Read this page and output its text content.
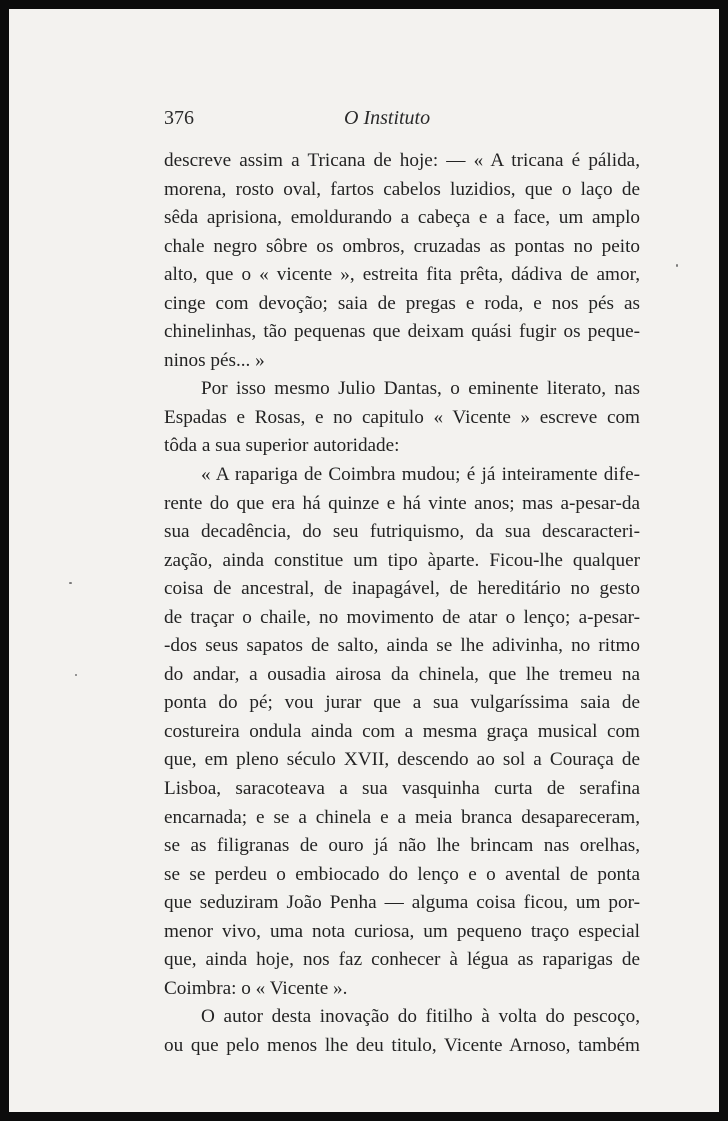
376	O Instituto
descreve assim a Tricana de hoje: — « A tricana é pálida,
morena, rosto oval, fartos cabelos luzidios, que o laço de
sêda aprisiona, emoldurando a cabeça e a face, um amplo
chale negro sôbre os ombros, cruzadas as pontas no peito
alto, que o « vicente », estreita fita prêta, dádiva de amor,
cinge com devoção; saia de pregas e roda, e nos pés as
chinelinhas, tão pequenas que deixam quási fugir os peque-
ninos pés... »
Por isso mesmo Julio Dantas, o eminente literato, nas
Espadas e Rosas, e no capitulo « Vicente » escreve com
tôda a sua superior autoridade:
« A rapariga de Coimbra mudou; é já inteiramente dife-
rente do que era há quinze e há vinte anos; mas a-pesar-da
sua decadência, do seu futriquismo, da sua descaracteri-
zação, ainda constitue um tipo àparte. Ficou-lhe qualquer
coisa de ancestral, de inapagável, de hereditário no gesto
de traçar o chaile, no movimento de atar o lenço; a-pesar-
-dos seus sapatos de salto, ainda se lhe adivinha, no ritmo
do andar, a ousadia airosa da chinela, que lhe tremeu na
ponta do pé; vou jurar que a sua vulgaríssima saia de
costureira ondula ainda com a mesma graça musical com
que, em pleno século XVII, descendo ao sol a Couraça de
Lisboa, saracoteava a sua vasquinha curta de serafina
encarnada; e se a chinela e a meia branca desapareceram,
se as filigranas de ouro já não lhe brincam nas orelhas,
se se perdeu o embiocado do lenço e o avental de ponta
que seduziram João Penha — alguma coisa ficou, um por-
menor vivo, uma nota curiosa, um pequeno traço especial
que, ainda hoje, nos faz conhecer à légua as raparigas de
Coimbra: o « Vicente ».
O autor desta inovação do fitilho à volta do pescoço,
ou que pelo menos lhe deu titulo, Vicente Arnoso, também
